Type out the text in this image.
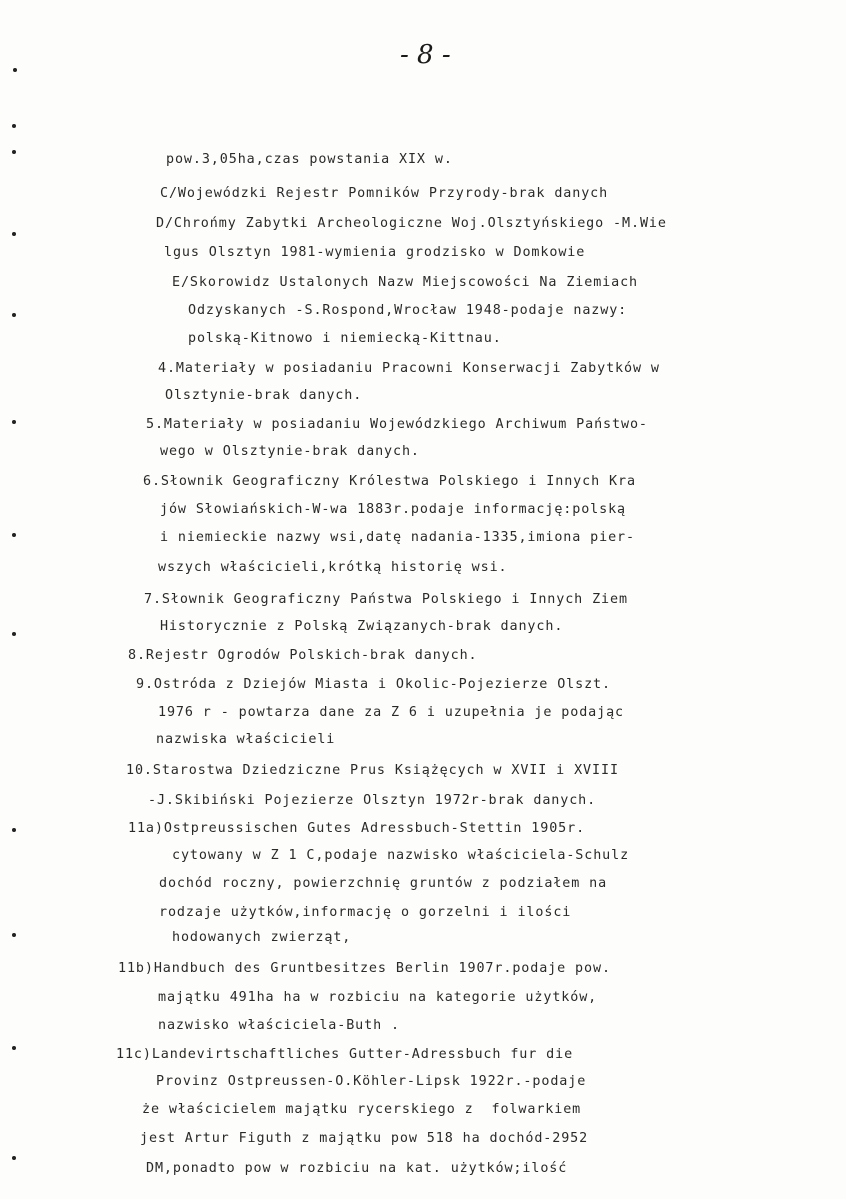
- 8 -
pow.3,05ha,czas powstania XIX w.
C/Wojewódzki Rejestr Pomników Przyrody-brak danych
D/Chrońmy Zabytki Archeologiczne Woj.Olsztyńskiego -M.Wie
lgus Olsztyn 1981-wymienia grodzisko w Domkowie
E/Skorowidz Ustalonych Nazw Miejscowości Na Ziemiach
Odzyskanych -S.Rospond,Wrocław 1948-podaje nazwy:
polską-Kitnowo i niemiecką-Kittnau.
4.Materiały w posiadaniu Pracowni Konserwacji Zabytków w
Olsztynie-brak danych.
5.Materiały w posiadaniu Wojewódzkiego Archiwum Państwo-
wego w Olsztynie-brak danych.
6.Słownik Geograficzny Królestwa Polskiego i Innych Kra
jów Słowiańskich-W-wa 1883r.podaje informację:polską
i niemieckie nazwy wsi,datę nadania-1335,imiona pier-
wszych właścicieli,krótką historię wsi.
7.Słownik Geograficzny Państwa Polskiego i Innych Ziem
Historycznie z Polską Związanych-brak danych.
8.Rejestr Ogrodów Polskich-brak danych.
9.Ostróda z Dziejów Miasta i Okolic-Pojezierze Olszt.
1976 r - powtarza dane za Z 6 i uzupełnia je podając
nazwiska właścicieli
10.Starostwa Dziedziczne Prus Książęcych w XVII i XVIII
-J.Skibiński Pojezierze Olsztyn 1972r-brak danych.
11a)Ostpreussischen Gutes Adressbuch-Stettin 1905r.
cytowany w Z 1 C,podaje nazwisko właściciela-Schulz
dochód roczny, powierzchnię gruntów z podziałem na
rodzaje użytków,informację o gorzelni i ilości
hodowanych zwierząt,
11b)Handbuch des Gruntbesitzes Berlin 1907r.podaje pow.
majątku 491ha ha w rozbiciu na kategorie użytków,
nazwisko właściciela-Buth .
11c)Landevirtschaftliches Gutter-Adressbuch fur die
Provinz Ostpreussen-O.Köhler-Lipsk 1922r.-podaje
że właścicielem majątku rycerskiego z  folwarkiem
jest Artur Figuth z majątku pow 518 ha dochód-2952
DM,ponadto pow w rozbiciu na kat. użytków;ilość
